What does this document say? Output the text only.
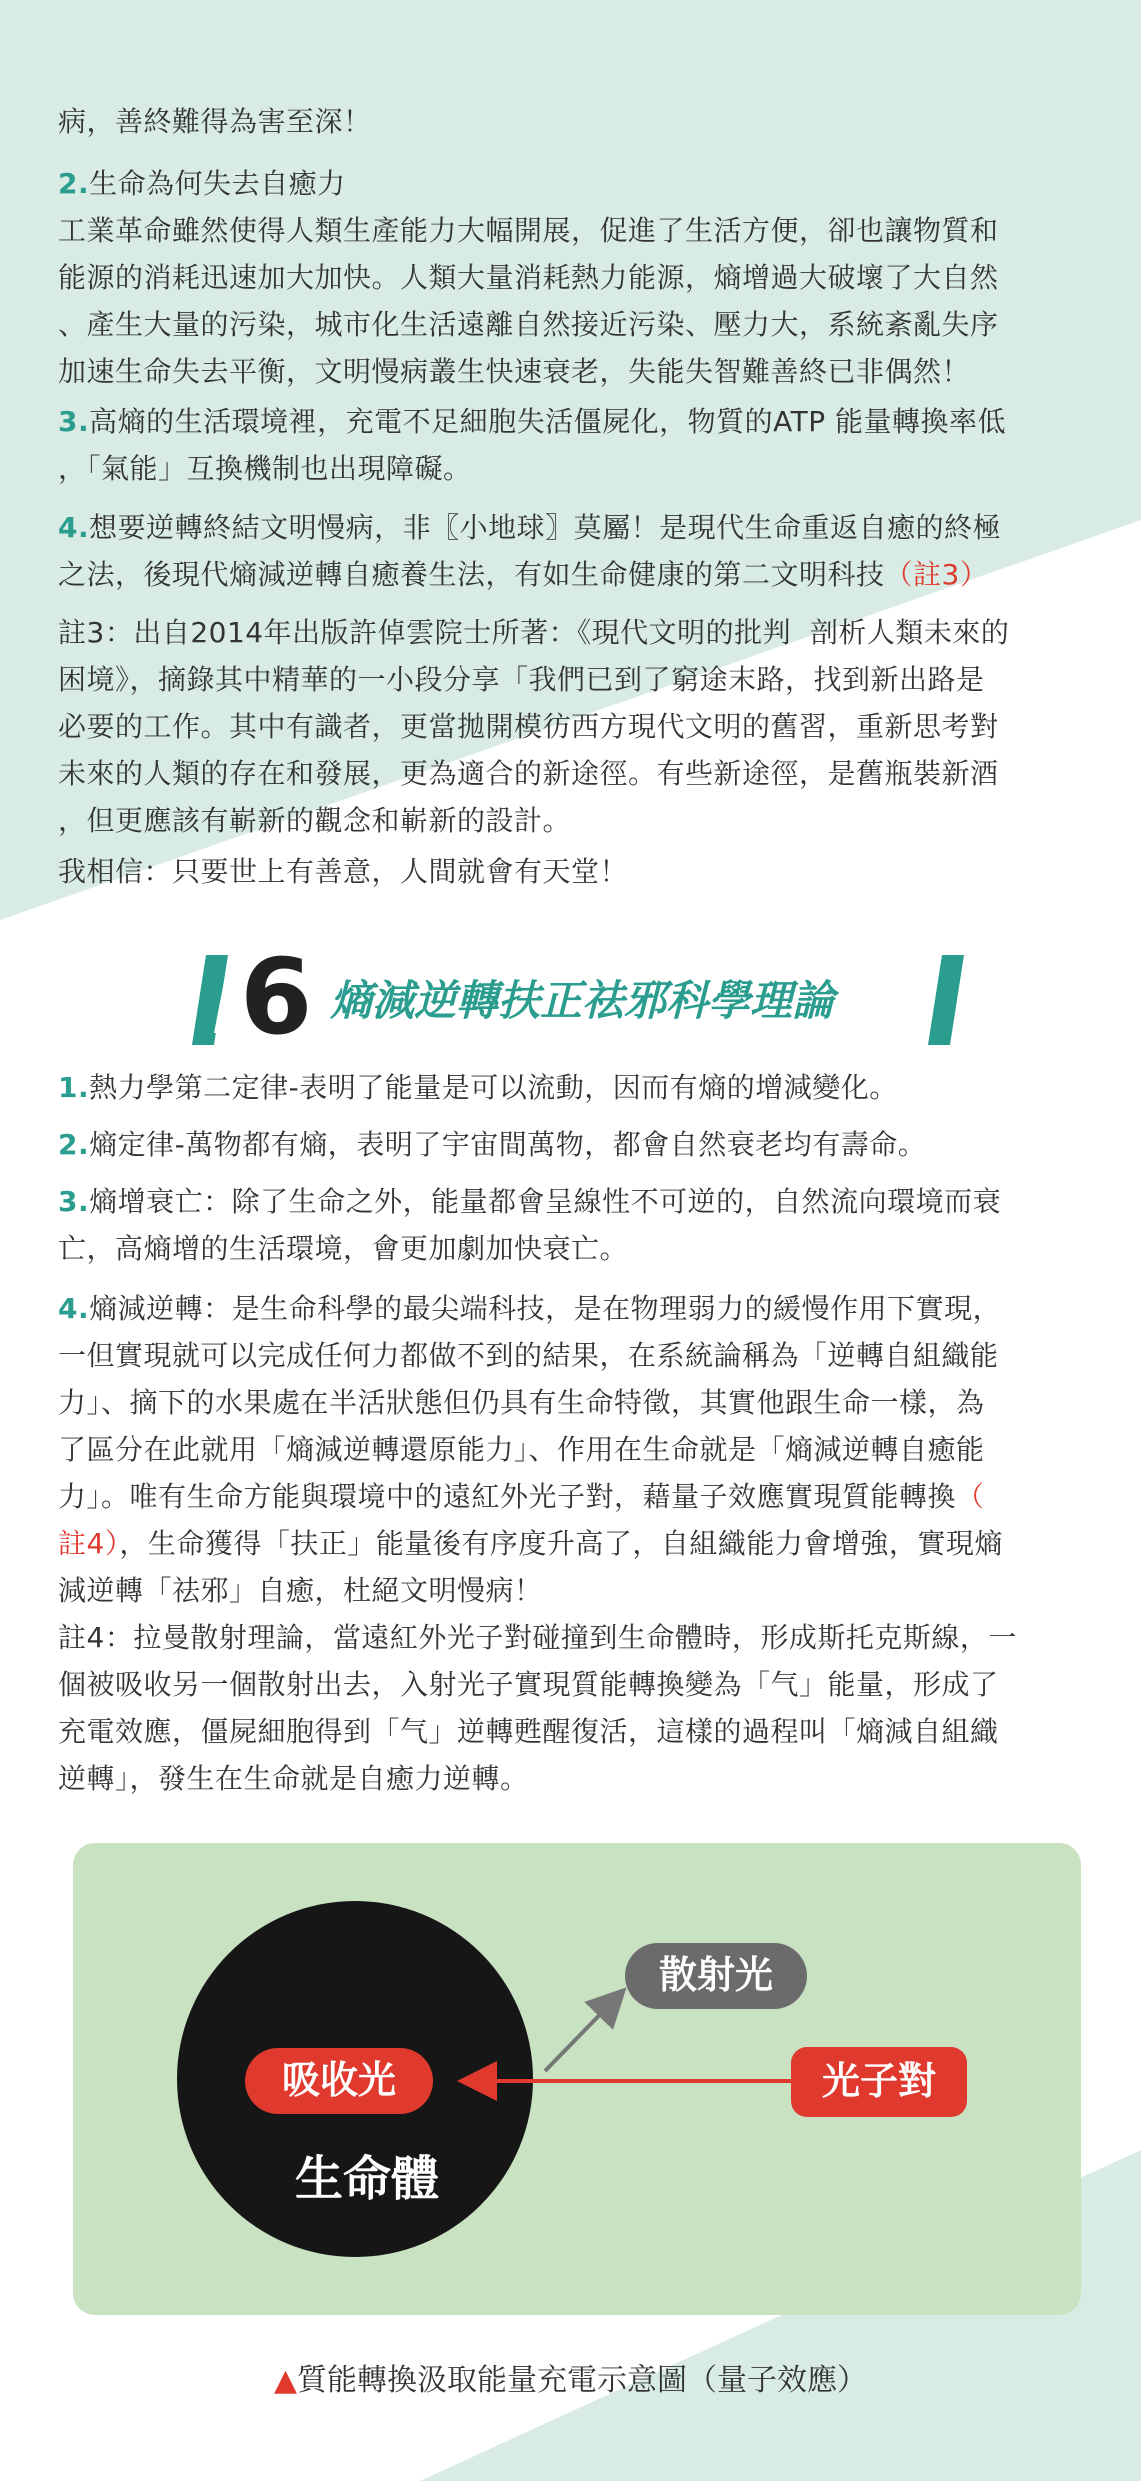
病，善終難得為害至深！

2.生命為何失去自癒力
工業革命雖然使得人類生產能力大幅開展，促進了生活方便，卻也讓物質和
能源的消耗迅速加大加快。人類大量消耗熱力能源，熵增過大破壞了大自然
、產生大量的污染，城市化生活遠離自然接近污染、壓力大，系統紊亂失序
加速生命失去平衡，文明慢病叢生快速衰老，失能失智難善終已非偶然！
3.高熵的生活環境裡，充電不足細胞失活僵屍化，物質的ATP 能量轉換率低
，「氣能」互換機制也出現障礙。
4.想要逆轉終結文明慢病，非〖小地球〗莫屬！是現代生命重返自癒的終極
之法，後現代熵減逆轉自癒養生法，有如生命健康的第二文明科技（註3）

註3：出自2014年出版許倬雲院士所著：《現代文明的批判  剖析人類未來的
困境》，摘錄其中精華的一小段分享「我們已到了窮途末路，找到新出路是
必要的工作。其中有識者，更當拋開模彷西方現代文明的舊習，重新思考對
未來的人類的存在和發展，更為適合的新途徑。有些新途徑，是舊瓶裝新酒
，但更應該有嶄新的觀念和嶄新的設計。

我相信：只要世上有善意，人間就會有天堂！

1.熱力學第二定律-表明了能量是可以流動，因而有熵的增減變化。
2.熵定律-萬物都有熵，表明了宇宙間萬物，都會自然衰老均有壽命。
3.熵增衰亡：除了生命之外，能量都會呈線性不可逆的，自然流向環境而衰
亡，高熵增的生活環境，會更加劇加快衰亡。
4.熵減逆轉：是生命科學的最尖端科技，是在物理弱力的緩慢作用下實現，
一但實現就可以完成任何力都做不到的結果，在系統論稱為「逆轉自組織能
力」、摘下的水果處在半活狀態但仍具有生命特徵，其實他跟生命一樣，為
了區分在此就用「熵減逆轉還原能力」、作用在生命就是「熵減逆轉自癒能
力」。唯有生命方能與環境中的遠紅外光子對，藉量子效應實現質能轉換（
註4），生命獲得「扶正」能量後有序度升高了，自組織能力會增強，實現熵
減逆轉「祛邪」自癒，杜絕文明慢病！

註4：拉曼散射理論，當遠紅外光子對碰撞到生命體時，形成斯托克斯線，一
個被吸收另一個散射出去，入射光子實現質能轉換變為「气」能量，形成了
充電效應，僵屍細胞得到「气」逆轉甦醒復活，這樣的過程叫「熵減自組織
逆轉」，發生在生命就是自癒力逆轉。

6 熵減逆轉扶正祛邪科學理論
吸收光
生命體
散射光
光子對
▲質能轉換汲取能量充電示意圖（量子效應）
